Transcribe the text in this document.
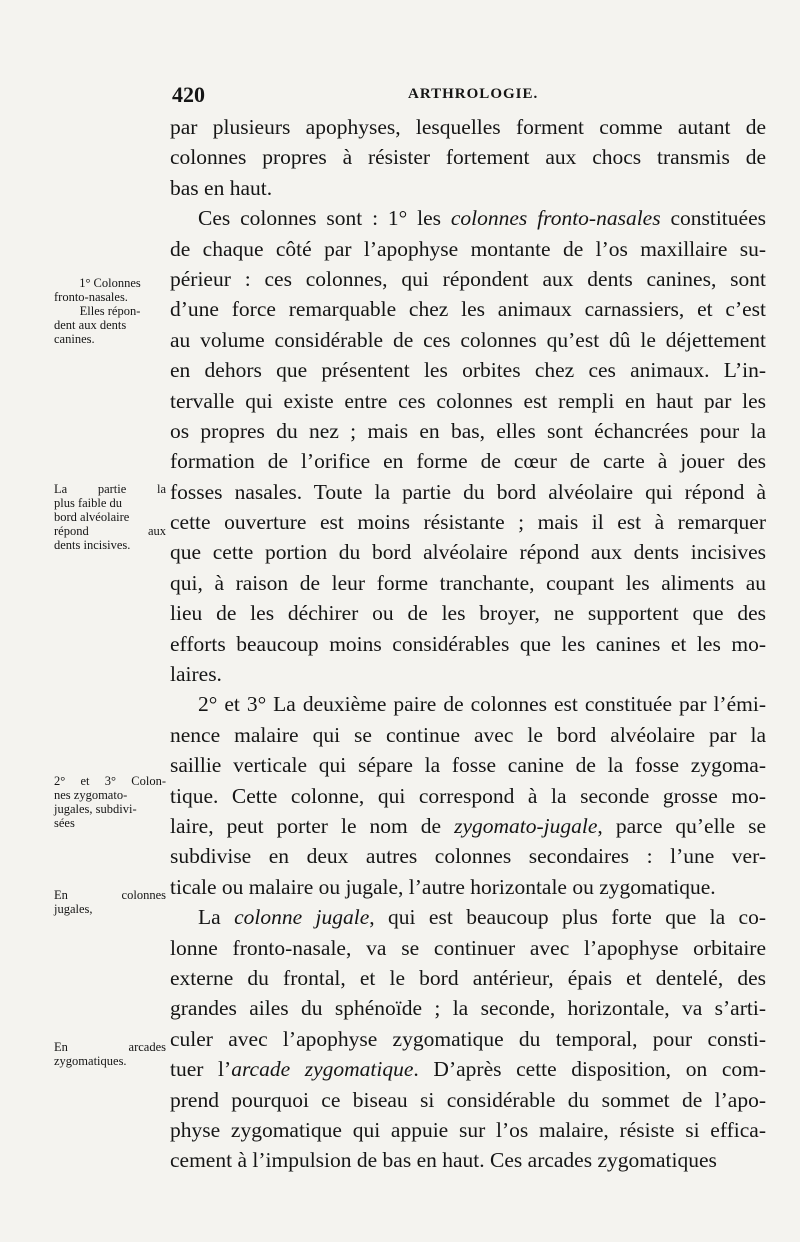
420	ARTHROLOGIE.
1° Colonnes
fronto-nasales.
Elles répon-
dent aux dents
canines.
La partie la
plus faible du
bord alvéolaire
répond aux
dents incisives.
2° et 3° Colon-
nes zygomato-
jugales, subdivi-
sées
En colonnes
jugales,
En arcades
zygomatiques.
par plusieurs apophyses, lesquelles forment comme autant de
colonnes propres à résister fortement aux chocs transmis de
bas en haut.
Ces colonnes sont : 1° les colonnes fronto-nasales constituées
de chaque côté par l’apophyse montante de l’os maxillaire su-
périeur : ces colonnes, qui répondent aux dents canines, sont
d’une force remarquable chez les animaux carnassiers, et c’est
au volume considérable de ces colonnes qu’est dû le déjettement
en dehors que présentent les orbites chez ces animaux. L’in-
tervalle qui existe entre ces colonnes est rempli en haut par les
os propres du nez ; mais en bas, elles sont échancrées pour la
formation de l’orifice en forme de cœur de carte à jouer des
fosses nasales. Toute la partie du bord alvéolaire qui répond à
cette ouverture est moins résistante ; mais il est à remarquer
que cette portion du bord alvéolaire répond aux dents incisives
qui, à raison de leur forme tranchante, coupant les aliments au
lieu de les déchirer ou de les broyer, ne supportent que des
efforts beaucoup moins considérables que les canines et les mo-
laires.
2° et 3° La deuxième paire de colonnes est constituée par l’émi-
nence malaire qui se continue avec le bord alvéolaire par la
saillie verticale qui sépare la fosse canine de la fosse zygoma-
tique. Cette colonne, qui correspond à la seconde grosse mo-
laire, peut porter le nom de zygomato-jugale, parce qu’elle se
subdivise en deux autres colonnes secondaires : l’une ver-
ticale ou malaire ou jugale, l’autre horizontale ou zygomatique.
La colonne jugale, qui est beaucoup plus forte que la co-
lonne fronto-nasale, va se continuer avec l’apophyse orbitaire
externe du frontal, et le bord antérieur, épais et dentelé, des
grandes ailes du sphénoïde ; la seconde, horizontale, va s’arti-
culer avec l’apophyse zygomatique du temporal, pour consti-
tuer l’arcade zygomatique. D’après cette disposition, on com-
prend pourquoi ce biseau si considérable du sommet de l’apo-
physe zygomatique qui appuie sur l’os malaire, résiste si effica-
cement à l’impulsion de bas en haut. Ces arcades zygomatiques
